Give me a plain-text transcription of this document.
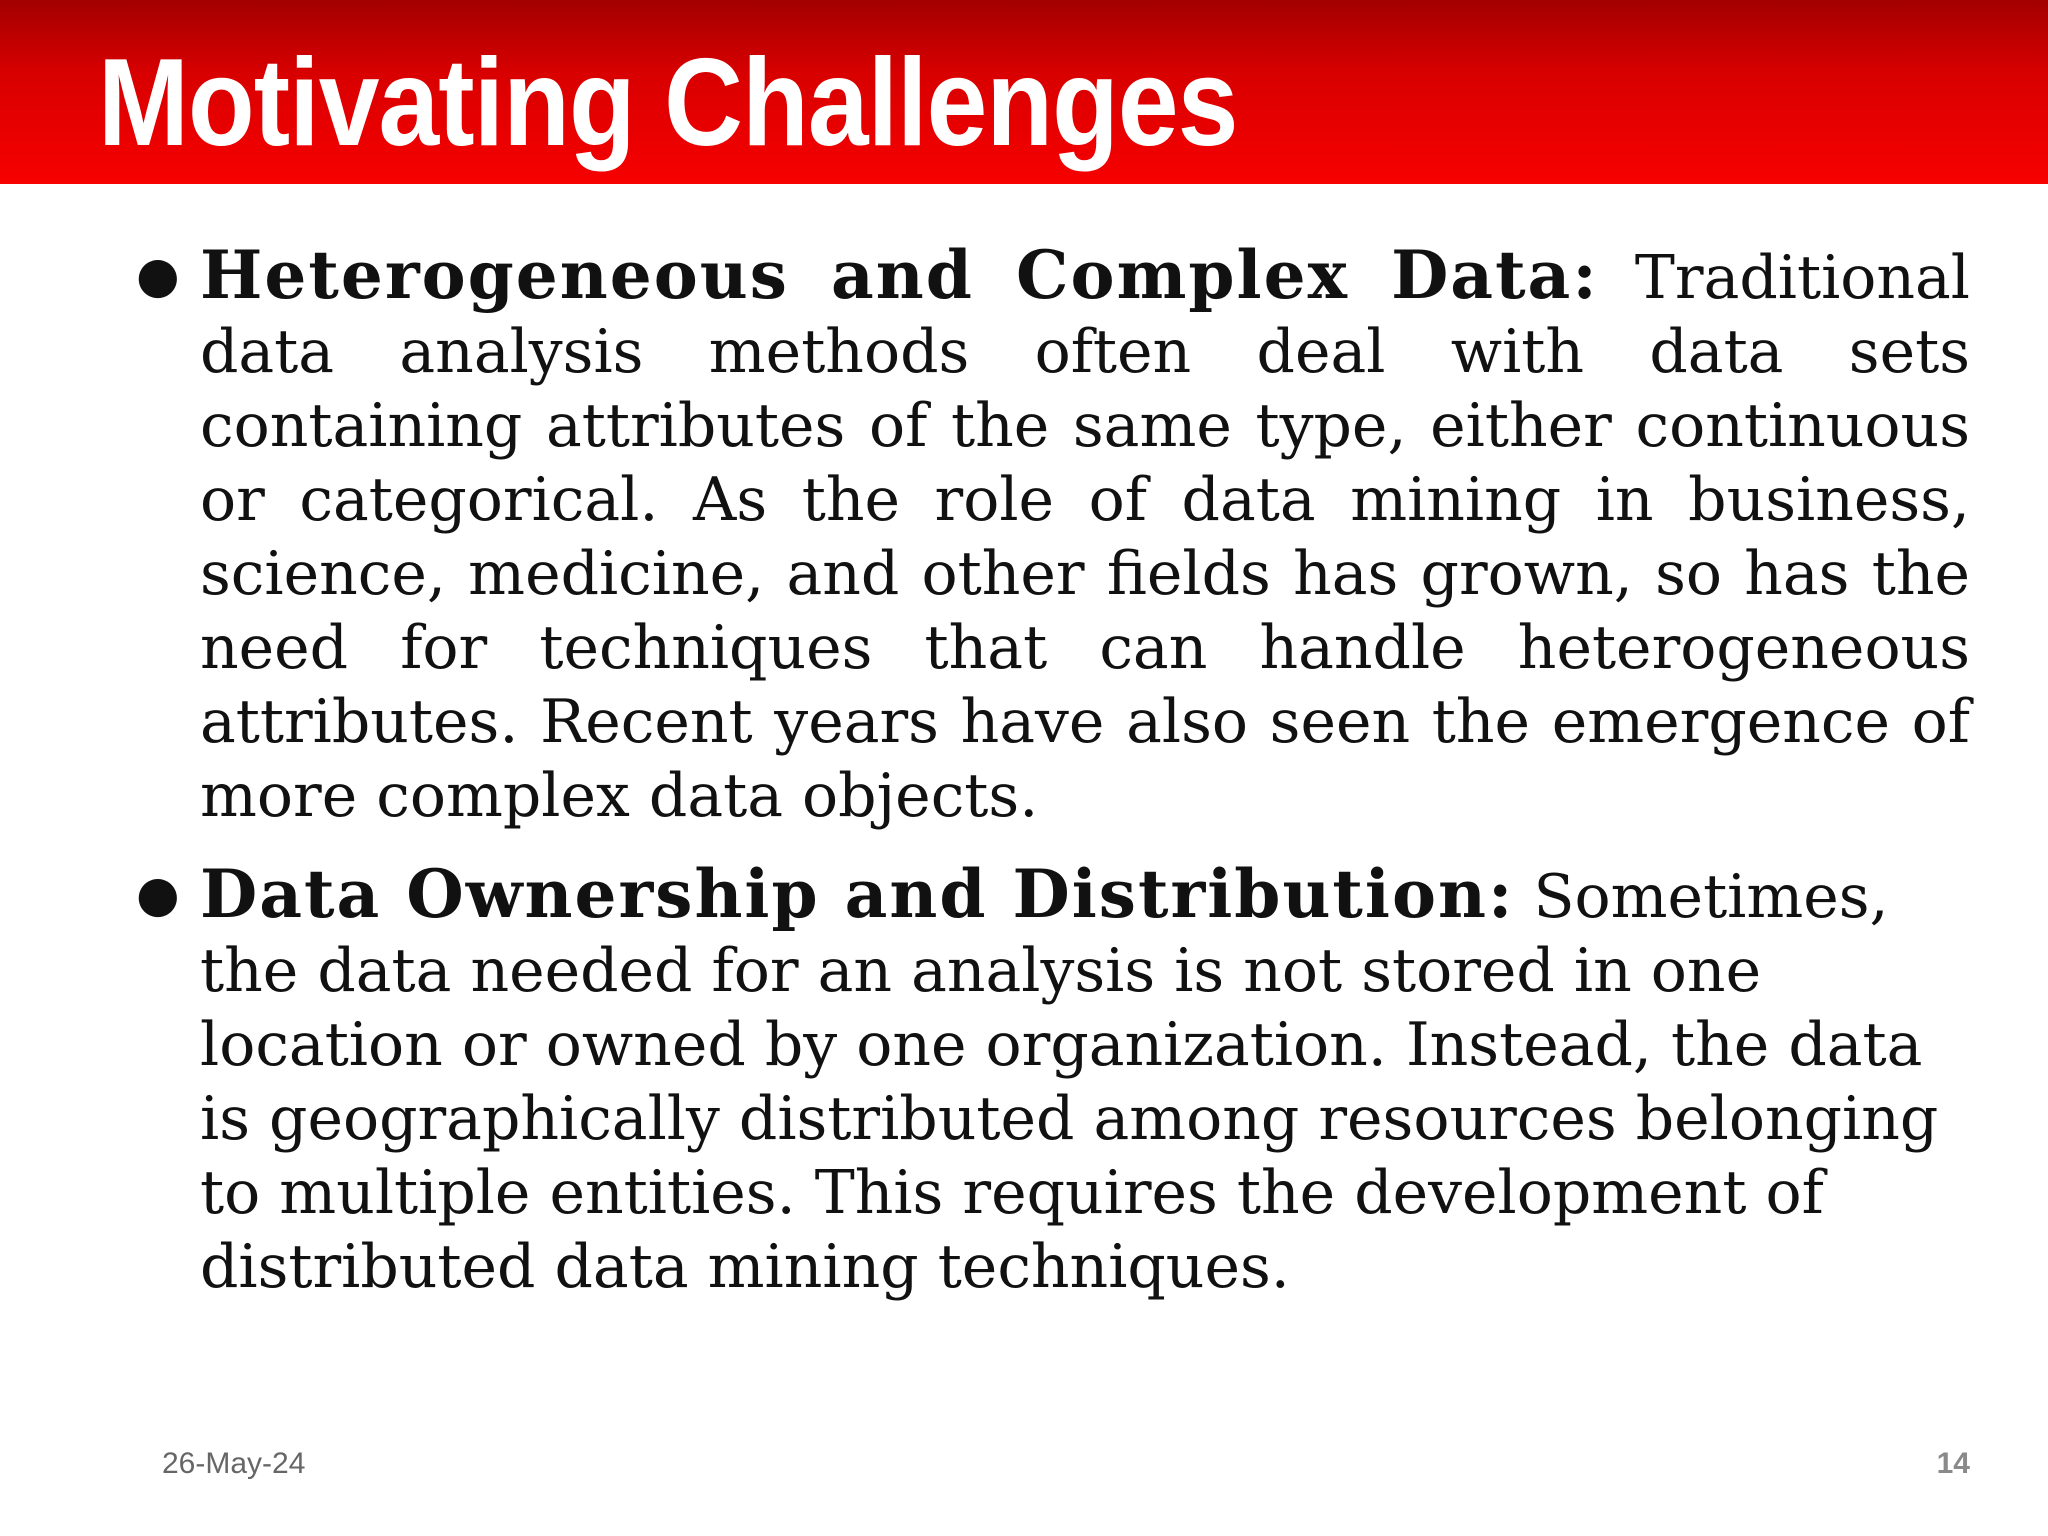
Motivating Challenges
● Heterogeneous and Complex Data: Traditional data analysis methods often deal with data sets containing attributes of the same type, either continuous or categorical. As the role of data mining in business, science, medicine, and other fields has grown, so has the need for techniques that can handle heterogeneous attributes. Recent years have also seen the emergence of more complex data objects.
● Data Ownership and Distribution: Sometimes, the data needed for an analysis is not stored in one location or owned by one organization. Instead, the data is geographically distributed among resources belonging to multiple entities. This requires the development of distributed data mining techniques.
26-May-24	14
